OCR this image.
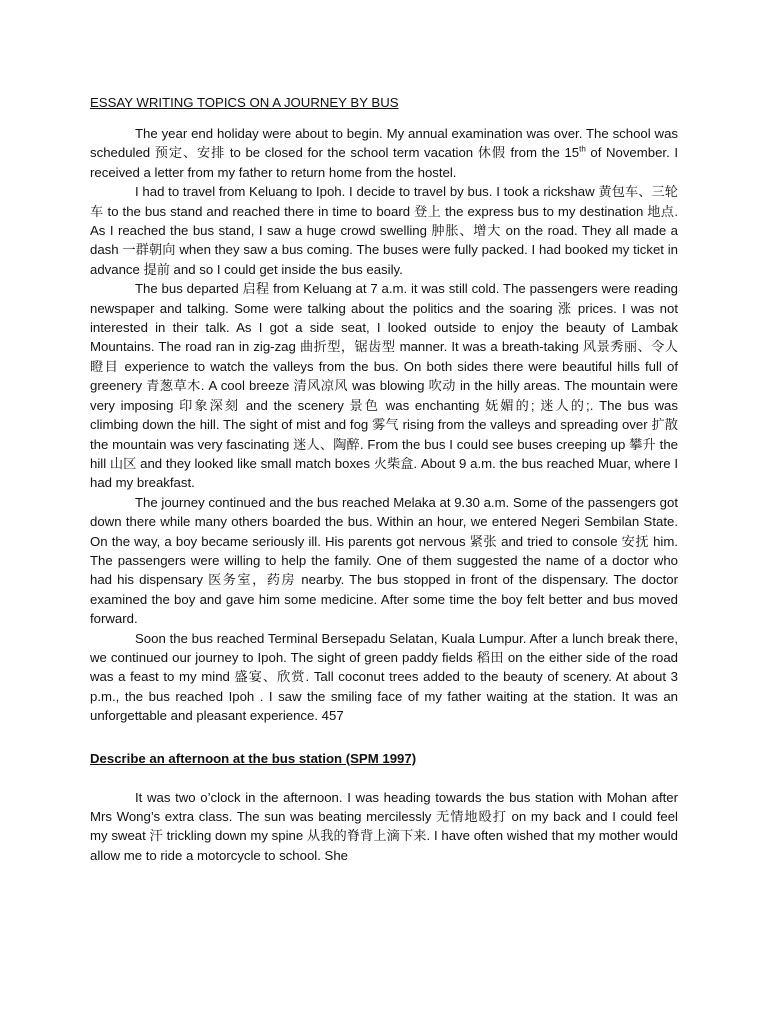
ESSAY WRITING TOPICS ON A JOURNEY BY BUS

The year end holiday were about to begin. My annual examination was over. The school was scheduled 预定、安排 to be closed for the school term vacation 休假 from the 15th of November. I received a letter from my father to return home from the hostel.

I had to travel from Keluang to Ipoh. I decide to travel by bus. I took a rickshaw 黄包车、三轮车 to the bus stand and reached there in time to board 登上 the express bus to my destination 地点. As I reached the bus stand, I saw a huge crowd swelling 肿胀、增大 on the road. They all made a dash 一群朝向 when they saw a bus coming. The buses were fully packed. I had booked my ticket in advance 提前 and so I could get inside the bus easily.

The bus departed 启程 from Keluang at 7 a.m. it was still cold. The passengers were reading newspaper and talking. Some were talking about the politics and the soaring 涨 prices. I was not interested in their talk. As I got a side seat, I looked outside to enjoy the beauty of Lambak Mountains. The road ran in zig-zag 曲折型，锯齿型 manner. It was a breath-taking 风景秀丽、令人瞪目 experience to watch the valleys from the bus. On both sides there were beautiful hills full of greenery 青葱草木. A cool breeze 清风凉风 was blowing 吹动 in the hilly areas. The mountain were very imposing 印象深刻 and the scenery 景色 was enchanting 妩媚的; 迷人的;. The bus was climbing down the hill. The sight of mist and fog 雾气 rising from the valleys and spreading over 扩散 the mountain was very fascinating 迷人、陶醉. From the bus I could see buses creeping up 攀升 the hill 山区 and they looked like small match boxes 火柴盒. About 9 a.m. the bus reached Muar, where I had my breakfast.

The journey continued and the bus reached Melaka at 9.30 a.m. Some of the passengers got down there while many others boarded the bus. Within an hour, we entered Negeri Sembilan State. On the way, a boy became seriously ill. His parents got nervous 紧张 and tried to console 安抚 him. The passengers were willing to help the family. One of them suggested the name of a doctor who had his dispensary 医务室，药房 nearby. The bus stopped in front of the dispensary. The doctor examined the boy and gave him some medicine. After some time the boy felt better and bus moved forward.

Soon the bus reached Terminal Bersepadu Selatan, Kuala Lumpur. After a lunch break there, we continued our journey to Ipoh. The sight of green paddy fields 稻田 on the either side of the road was a feast to my mind 盛宴、欣赏. Tall coconut trees added to the beauty of scenery. At about 3 p.m., the bus reached Ipoh . I saw the smiling face of my father waiting at the station. It was an unforgettable and pleasant experience. 457

Describe an afternoon at the bus station (SPM 1997)

It was two o’clock in the afternoon. I was heading towards the bus station with Mohan after Mrs Wong’s extra class. The sun was beating mercilessly 无情地殴打 on my back and I could feel my sweat 汗 trickling down my spine 从我的脊背上滴下来. I have often wished that my mother would allow me to ride a motorcycle to school. She
